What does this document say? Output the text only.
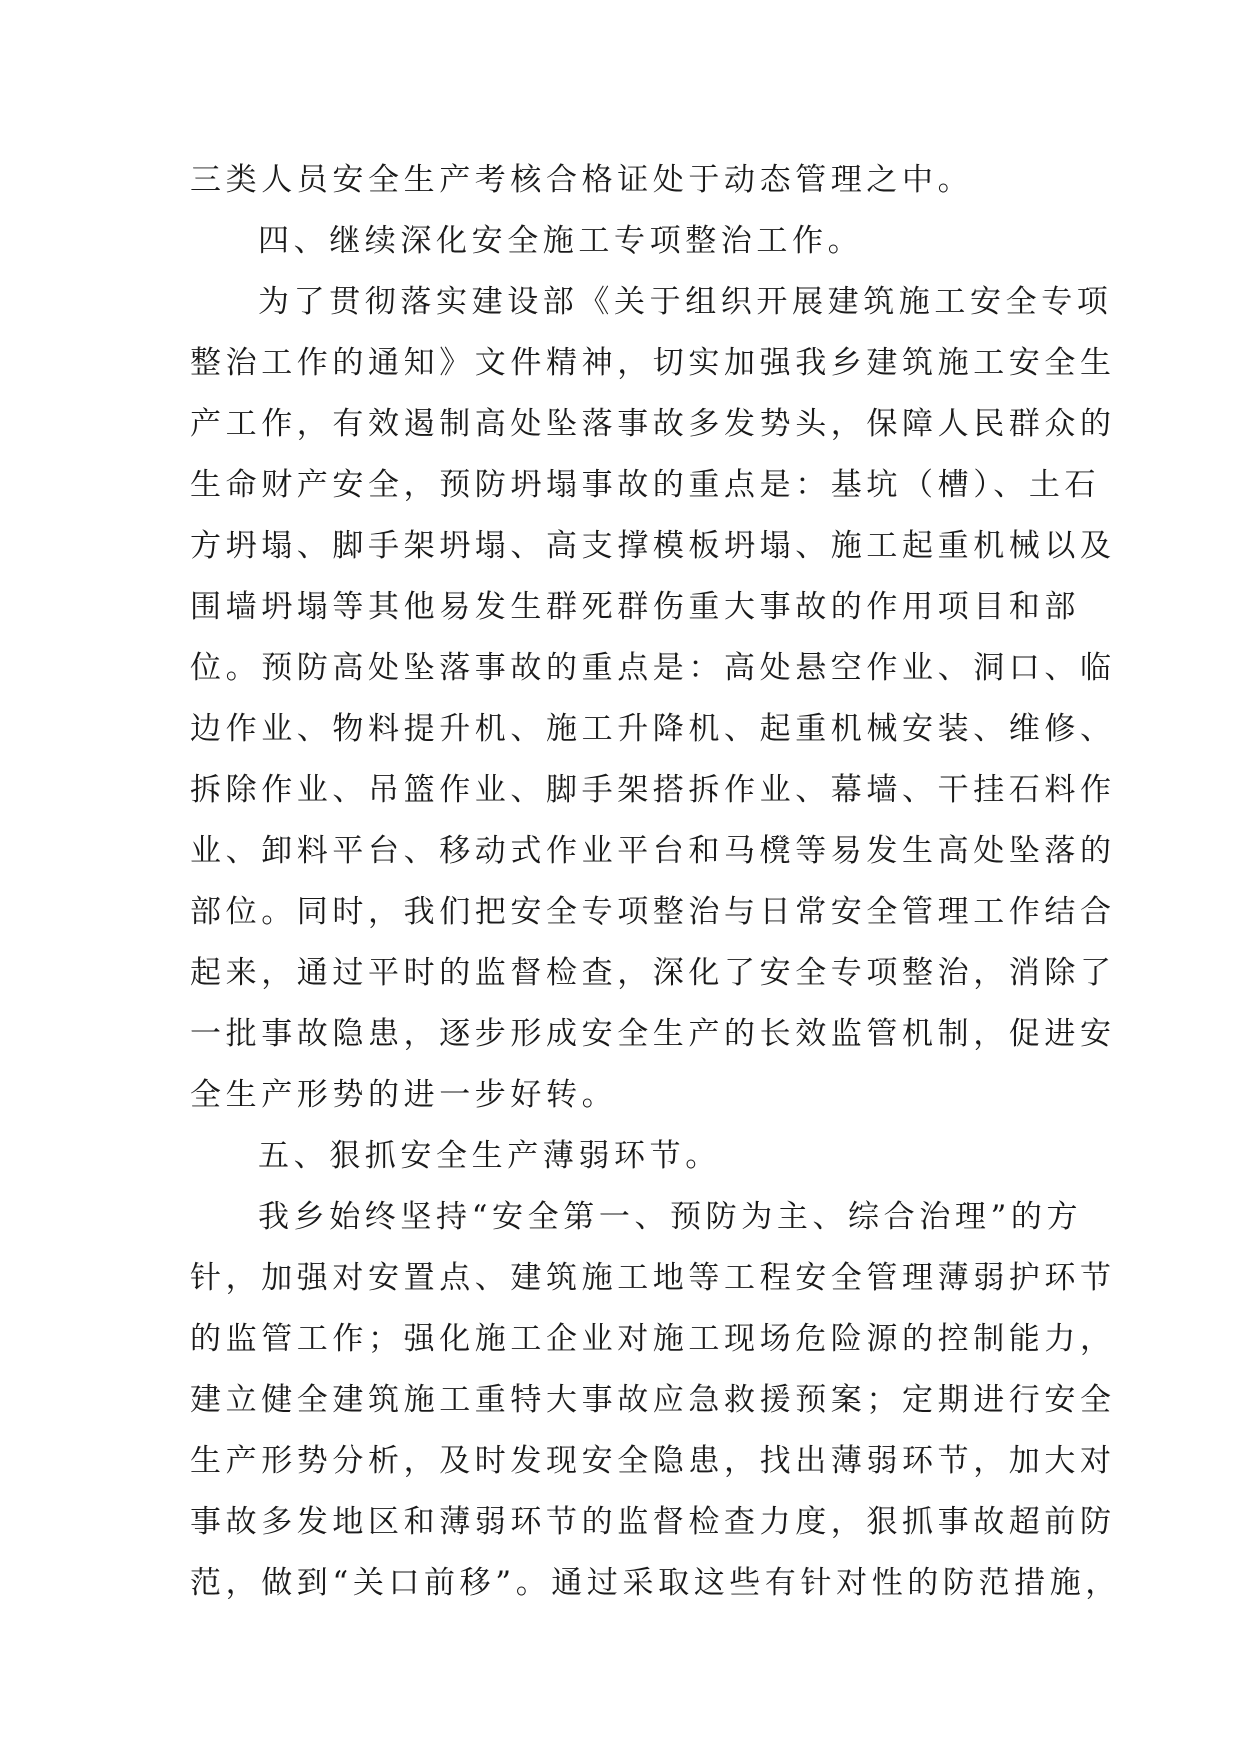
三类人员安全生产考核合格证处于动态管理之中。
四、继续深化安全施工专项整治工作。
为了贯彻落实建设部《关于组织开展建筑施工安全专项
整治工作的通知》文件精神，切实加强我乡建筑施工安全生
产工作，有效遏制高处坠落事故多发势头，保障人民群众的
生命财产安全，预防坍塌事故的重点是：基坑（槽）、土石
方坍塌、脚手架坍塌、高支撑模板坍塌、施工起重机械以及
围墙坍塌等其他易发生群死群伤重大事故的作用项目和部
位。预防高处坠落事故的重点是：高处悬空作业、洞口、临
边作业、物料提升机、施工升降机、起重机械安装、维修、
拆除作业、吊篮作业、脚手架搭拆作业、幕墙、干挂石料作
业、卸料平台、移动式作业平台和马櫈等易发生高处坠落的
部位。同时，我们把安全专项整治与日常安全管理工作结合
起来，通过平时的监督检查，深化了安全专项整治，消除了
一批事故隐患，逐步形成安全生产的长效监管机制，促进安
全生产形势的进一步好转。
五、狠抓安全生产薄弱环节。
我乡始终坚持“安全第一、预防为主、综合治理”的方
针，加强对安置点、建筑施工地等工程安全管理薄弱护环节
的监管工作；强化施工企业对施工现场危险源的控制能力，
建立健全建筑施工重特大事故应急救援预案；定期进行安全
生产形势分析，及时发现安全隐患，找出薄弱环节，加大对
事故多发地区和薄弱环节的监督检查力度，狠抓事故超前防
范，做到“关口前移”。通过采取这些有针对性的防范措施，
